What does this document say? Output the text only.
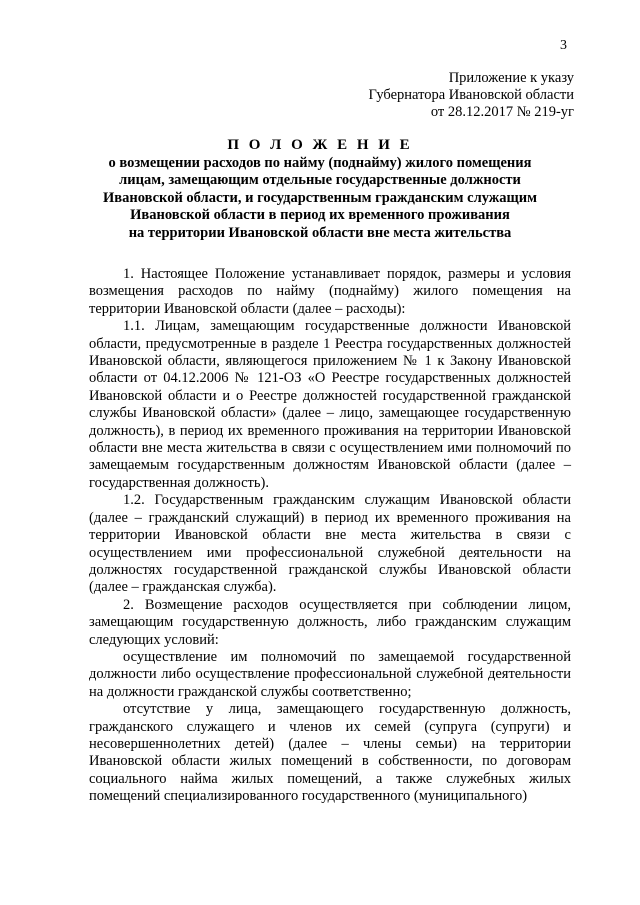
3
Приложение к указу
Губернатора Ивановской области
от 28.12.2017 № 219-уг
П О Л О Ж Е Н И Е
о возмещении расходов по найму (поднайму) жилого помещения
лицам, замещающим отдельные государственные должности
Ивановской области, и государственным гражданским служащим
Ивановской области в период их временного проживания
на территории Ивановской области вне места жительства

1. Настоящее Положение устанавливает порядок, размеры и условия возмещения расходов по найму (поднайму) жилого помещения на территории Ивановской области (далее – расходы):

1.1. Лицам, замещающим государственные должности Ивановской области, предусмотренные в разделе 1 Реестра государственных должностей Ивановской области, являющегося приложением № 1 к Закону Ивановской области от 04.12.2006 № 121-ОЗ «О Реестре государственных должностей Ивановской области и о Реестре должностей государственной гражданской службы Ивановской области» (далее – лицо, замещающее государственную должность), в период их временного проживания на территории Ивановской области вне места жительства в связи с осуществлением ими полномочий по замещаемым государственным должностям Ивановской области (далее – государственная должность).

1.2. Государственным гражданским служащим Ивановской области (далее – гражданский служащий) в период их временного проживания на территории Ивановской области вне места жительства в связи с осуществлением ими профессиональной служебной деятельности на должностях государственной гражданской службы Ивановской области (далее – гражданская служба).

2. Возмещение расходов осуществляется при соблюдении лицом, замещающим государственную должность, либо гражданским служащим следующих условий:

осуществление им полномочий по замещаемой государственной должности либо осуществление профессиональной служебной деятельности на должности гражданской службы соответственно;

отсутствие у лица, замещающего государственную должность, гражданского служащего и членов их семей (супруга (супруги) и несовершеннолетних детей) (далее – члены семьи) на территории Ивановской области жилых помещений в собственности, по договорам социального найма жилых помещений, а также служебных жилых помещений специализированного государственного (муниципального)
